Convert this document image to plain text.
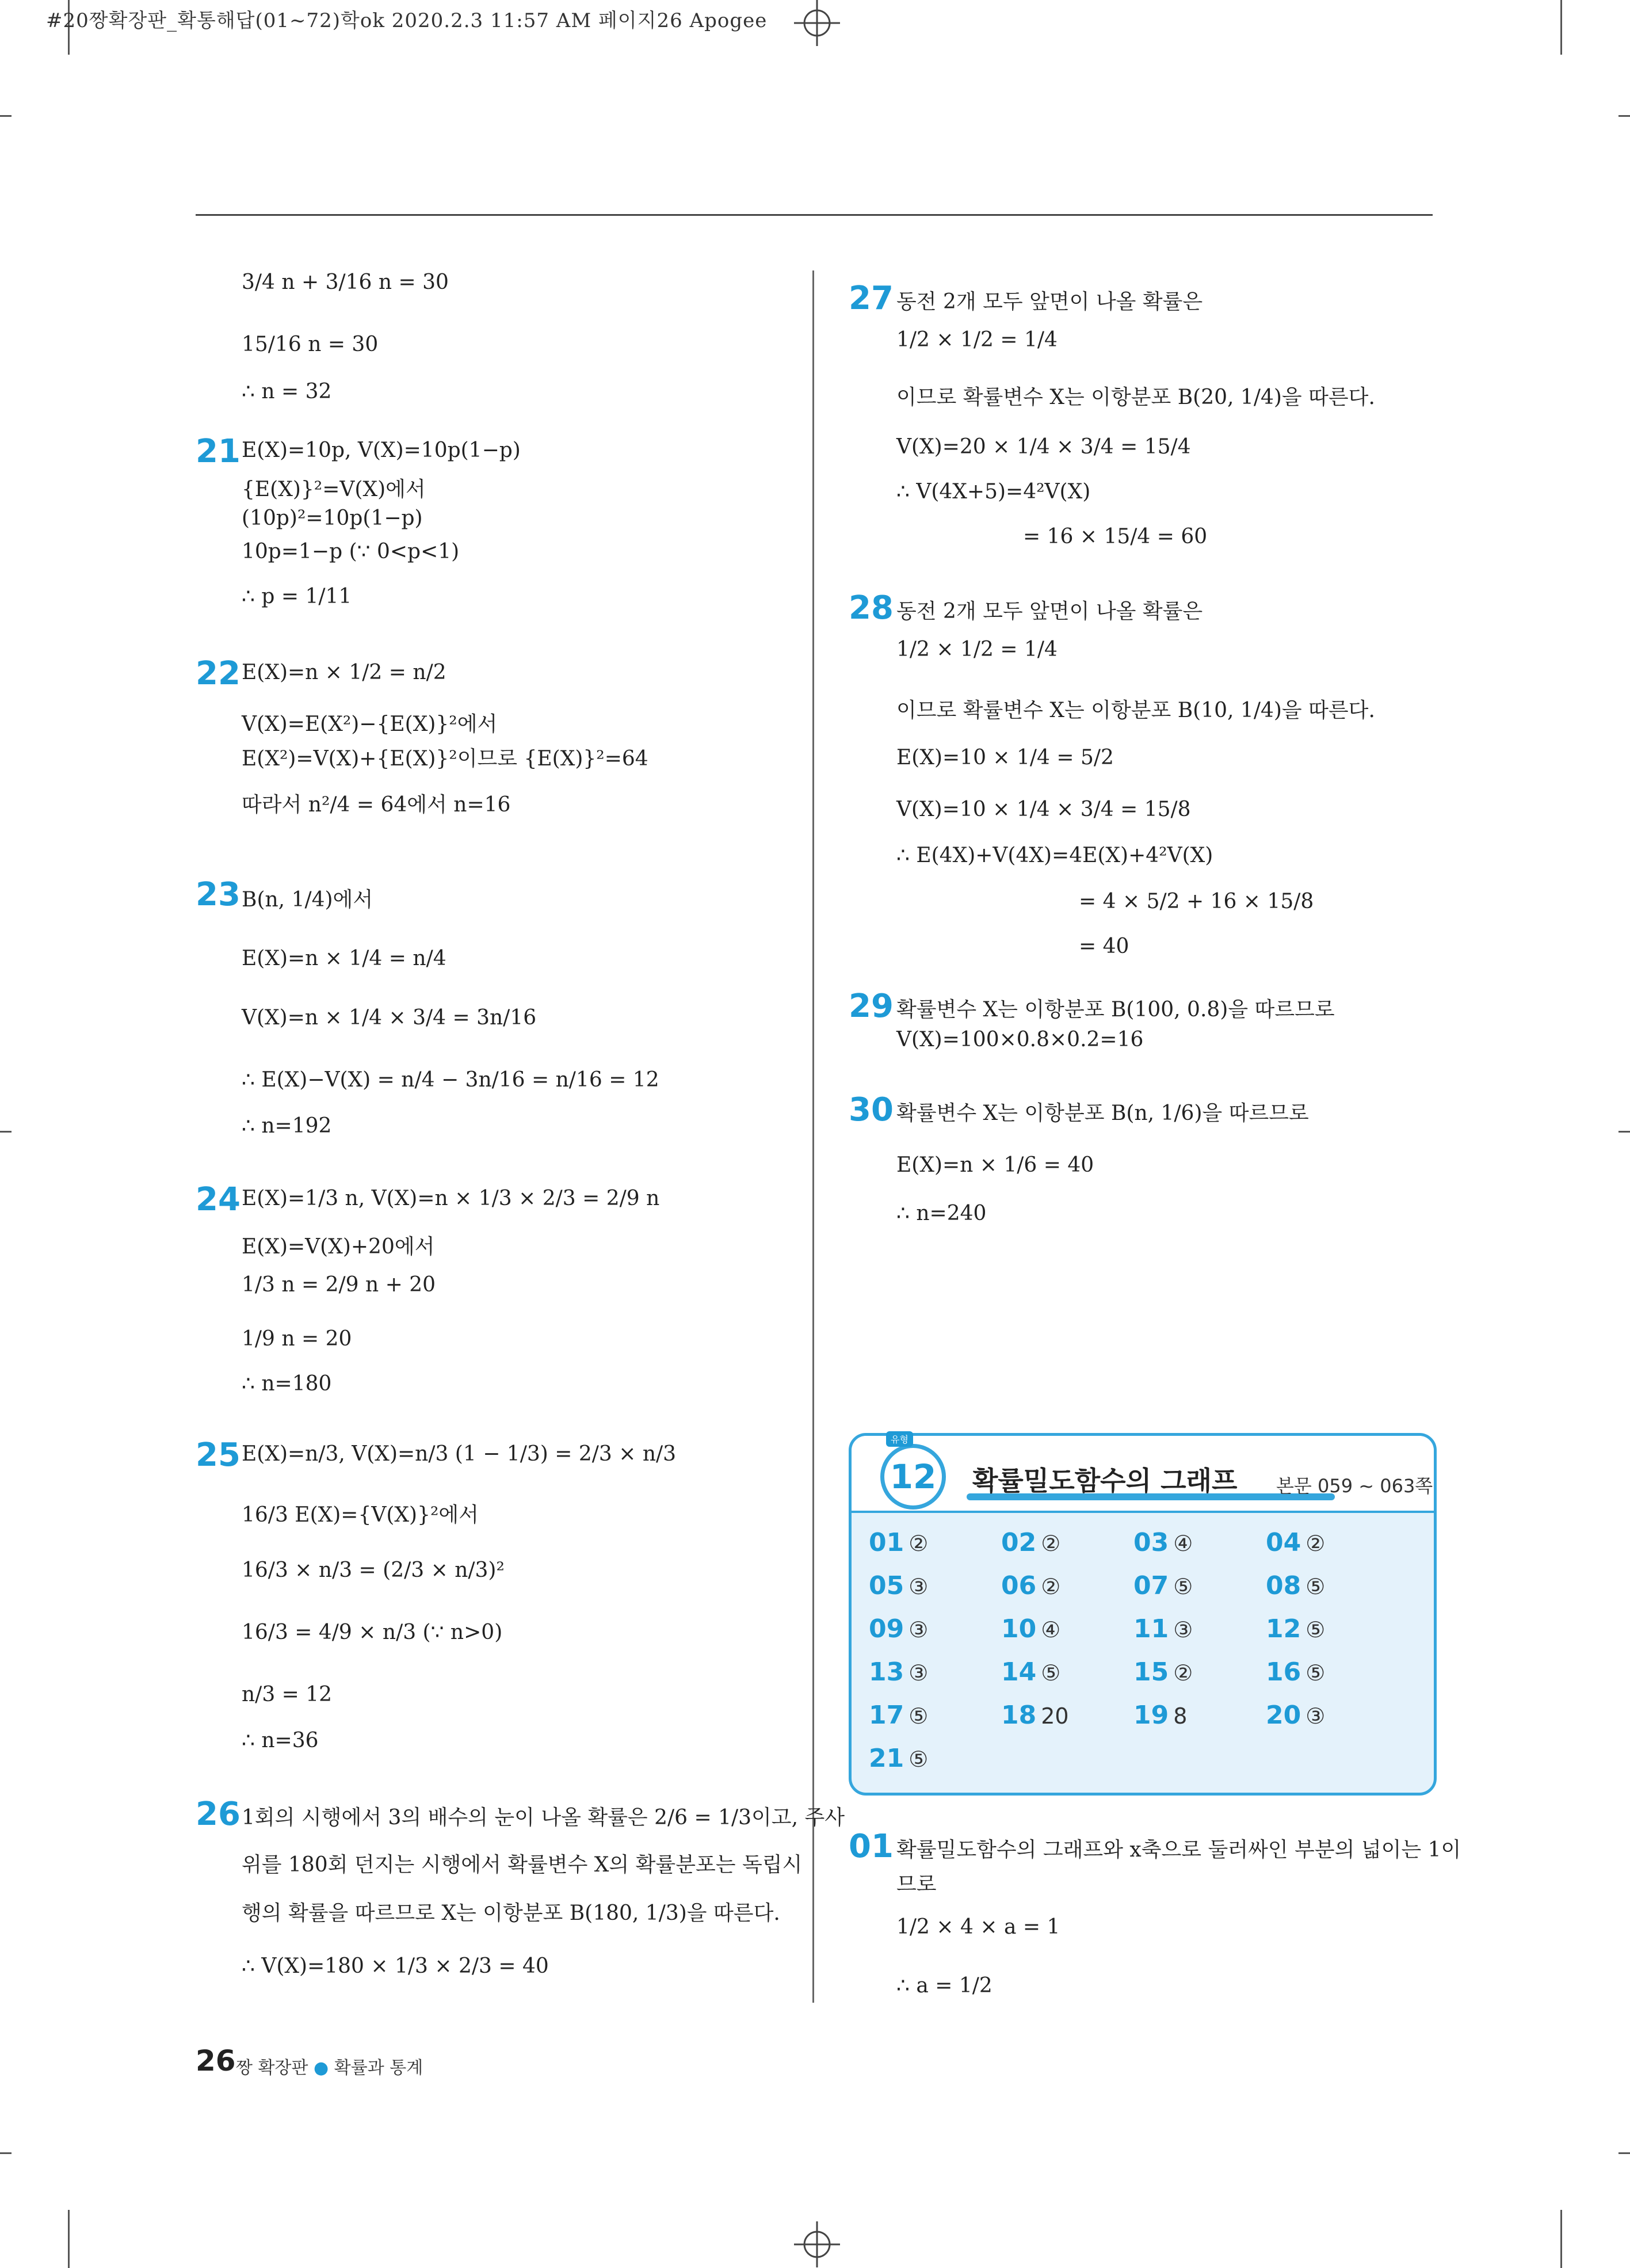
#20짱확장판_확통해답(01~72)학ok 2020.2.3 11:57 AM 페이지26 Apogee
3/4 n + 3/16 n = 30
15/16 n = 30
∴ n = 32
21 E(X)=10p, V(X)=10p(1−p)
{E(X)}²=V(X)에서
(10p)²=10p(1−p)
10p=1−p (∵ 0<p<1)
∴ p = 1/11
22 E(X)=n × 1/2 = n/2
V(X)=E(X²)−{E(X)}²에서
E(X²)=V(X)+{E(X)}²이므로 {E(X)}²=64
따라서 n²/4 = 64에서 n=16
23 B(n, 1/4)에서
E(X)=n × 1/4 = n/4
V(X)=n × 1/4 × 3/4 = 3n/16
∴ E(X)−V(X) = n/4 − 3n/16 = n/16 = 12
∴ n=192
24 E(X)=1/3 n, V(X)=n × 1/3 × 2/3 = 2/9 n
E(X)=V(X)+20에서
1/3 n = 2/9 n + 20
1/9 n = 20
∴ n=180
25 E(X)=n/3, V(X)=n/3 (1 − 1/3) = 2/3 × n/3
16/3 E(X)={V(X)}²에서
16/3 × n/3 = (2/3 × n/3)²
16/3 = 4/9 × n/3 (∵ n>0)
n/3 = 12
∴ n=36
26 1회의 시행에서 3의 배수의 눈이 나올 확률은 2/6 = 1/3이고, 주사
위를 180회 던지는 시행에서 확률변수 X의 확률분포는 독립시
행의 확률을 따르므로 X는 이항분포 B(180, 1/3)을 따른다.
∴ V(X)=180 × 1/3 × 2/3 = 40
27 동전 2개 모두 앞면이 나올 확률은
1/2 × 1/2 = 1/4
이므로 확률변수 X는 이항분포 B(20, 1/4)을 따른다.
V(X)=20 × 1/4 × 3/4 = 15/4
∴ V(4X+5)=4²V(X)
= 16 × 15/4 = 60
28 동전 2개 모두 앞면이 나올 확률은
1/2 × 1/2 = 1/4
이므로 확률변수 X는 이항분포 B(10, 1/4)을 따른다.
E(X)=10 × 1/4 = 5/2
V(X)=10 × 1/4 × 3/4 = 15/8
∴ E(4X)+V(4X)=4E(X)+4²V(X)
= 4 × 5/2 + 16 × 15/8
= 40
29 확률변수 X는 이항분포 B(100, 0.8)을 따르므로
V(X)=100×0.8×0.2=16
30 확률변수 X는 이항분포 B(n, 1/6)을 따르므로
E(X)=n × 1/6 = 40
∴ n=240
12
유형
확률밀도함수의 그래프 본문 059 ~ 063쪽
01 ②	02 ②	03 ④	04 ②
05 ③	06 ②	07 ⑤	08 ⑤
09 ③	10 ④	11 ③	12 ⑤
13 ③	14 ⑤	15 ②	16 ⑤
17 ⑤	18 20	19 8	20 ③
21 ⑤
01 확률밀도함수의 그래프와 x축으로 둘러싸인 부분의 넓이는 1이
므로
1/2 × 4 × a = 1
∴ a = 1/2
26 짱 확장판 ● 확률과 통계
